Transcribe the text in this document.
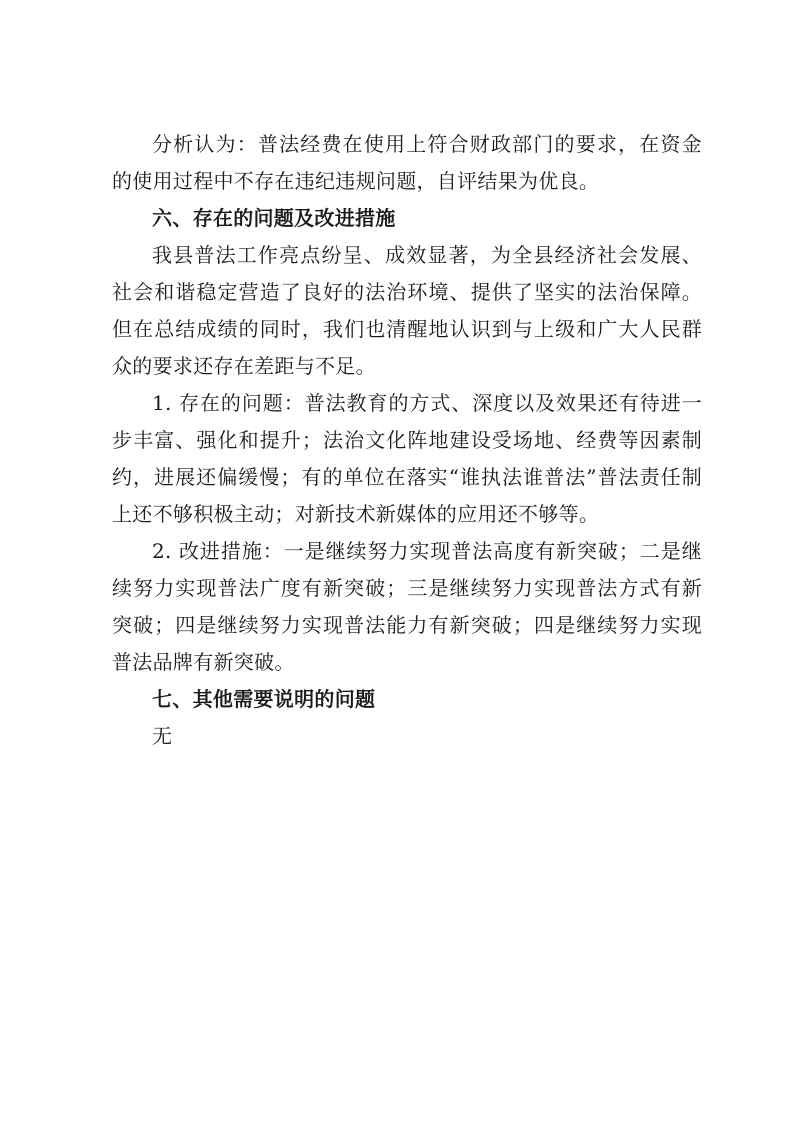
分析认为：普法经费在使用上符合财政部门的要求，在资金
的使用过程中不存在违纪违规问题，自评结果为优良。
六、存在的问题及改进措施
我县普法工作亮点纷呈、成效显著，为全县经济社会发展、
社会和谐稳定营造了良好的法治环境、提供了坚实的法治保障。
但在总结成绩的同时，我们也清醒地认识到与上级和广大人民群
众的要求还存在差距与不足。
1. 存在的问题：普法教育的方式、深度以及效果还有待进一
步丰富、强化和提升；法治文化阵地建设受场地、经费等因素制
约，进展还偏缓慢；有的单位在落实“谁执法谁普法”普法责任制
上还不够积极主动；对新技术新媒体的应用还不够等。
2. 改进措施：一是继续努力实现普法高度有新突破；二是继
续努力实现普法广度有新突破；三是继续努力实现普法方式有新
突破；四是继续努力实现普法能力有新突破；四是继续努力实现
普法品牌有新突破。
七、其他需要说明的问题
无
